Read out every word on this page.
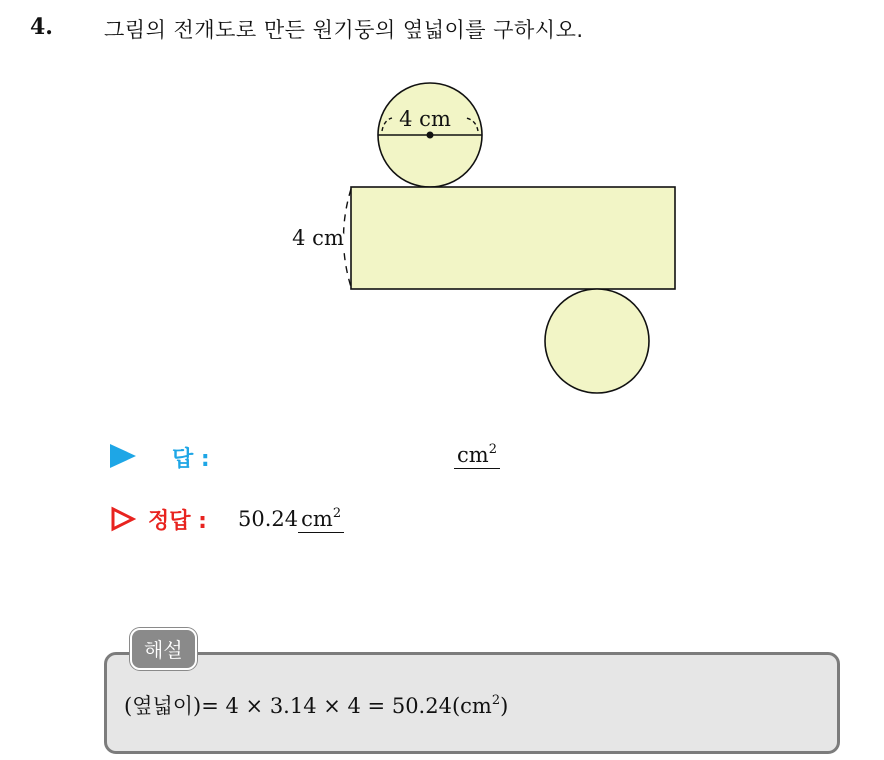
4. 그림의 전개도로 만든 원기둥의 옆넓이를 구하시오.
4 cm
4 cm
답 :	$cm^2$
정답 : 50.24 $cm^2$
해설
(옆넓이)= $4 \times 3.14 \times 4 = 50.24(cm^2)$
